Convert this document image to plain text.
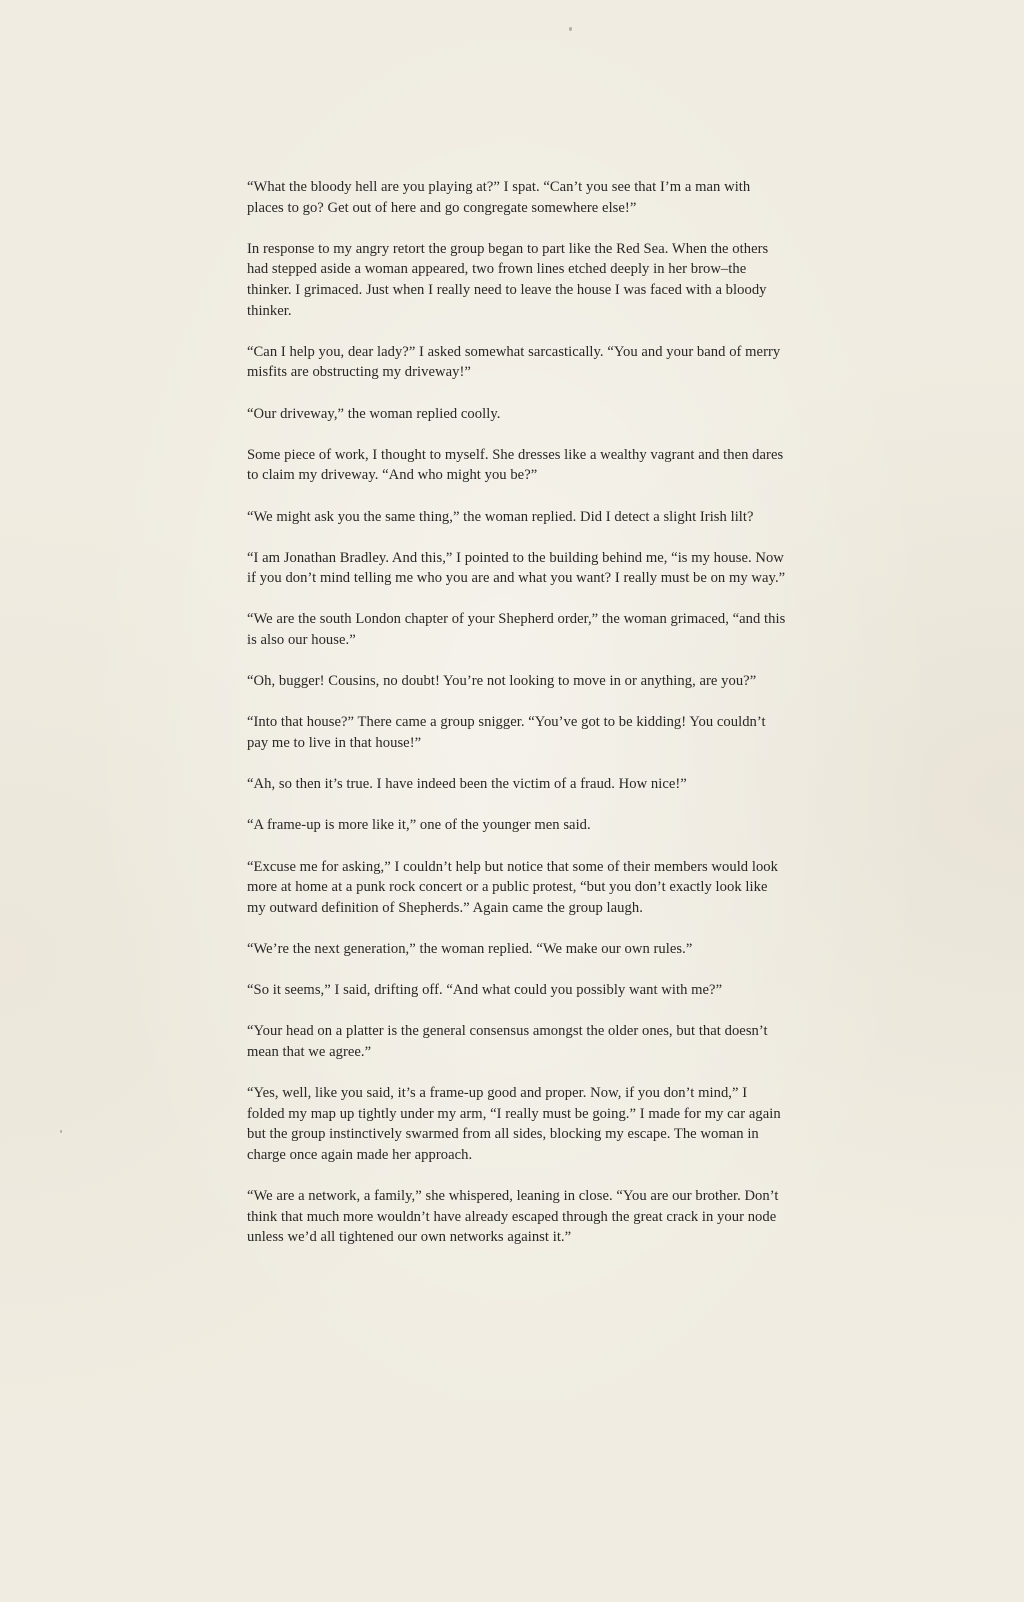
“What the bloody hell are you playing at?” I spat. “Can’t you see that I’m a man with places to go? Get out of here and go congregate somewhere else!”

In response to my angry retort the group began to part like the Red Sea. When the others had stepped aside a woman appeared, two frown lines etched deeply in her brow–the thinker. I grimaced. Just when I really need to leave the house I was faced with a bloody thinker.

“Can I help you, dear lady?” I asked somewhat sarcastically. “You and your band of merry misfits are obstructing my driveway!”

“Our driveway,” the woman replied coolly.

Some piece of work, I thought to myself. She dresses like a wealthy vagrant and then dares to claim my driveway. “And who might you be?”

“We might ask you the same thing,” the woman replied. Did I detect a slight Irish lilt?

“I am Jonathan Bradley. And this,” I pointed to the building behind me, “is my house. Now if you don’t mind telling me who you are and what you want? I really must be on my way.”

“We are the south London chapter of your Shepherd order,” the woman grimaced, “and this is also our house.”

“Oh, bugger! Cousins, no doubt! You’re not looking to move in or anything, are you?”

“Into that house?” There came a group snigger. “You’ve got to be kidding! You couldn’t pay me to live in that house!”

“Ah, so then it’s true. I have indeed been the victim of a fraud. How nice!”

“A frame-up is more like it,” one of the younger men said.

“Excuse me for asking,” I couldn’t help but notice that some of their members would look more at home at a punk rock concert or a public protest, “but you don’t exactly look like my outward definition of Shepherds.” Again came the group laugh.

“We’re the next generation,” the woman replied. “We make our own rules.”

“So it seems,” I said, drifting off. “And what could you possibly want with me?”

“Your head on a platter is the general consensus amongst the older ones, but that doesn’t mean that we agree.”

“Yes, well, like you said, it’s a frame-up good and proper. Now, if you don’t mind,” I folded my map up tightly under my arm, “I really must be going.” I made for my car again but the group instinctively swarmed from all sides, blocking my escape. The woman in charge once again made her approach.

“We are a network, a family,” she whispered, leaning in close. “You are our brother. Don’t think that much more wouldn’t have already escaped through the great crack in your node unless we’d all tightened our own networks against it.”
